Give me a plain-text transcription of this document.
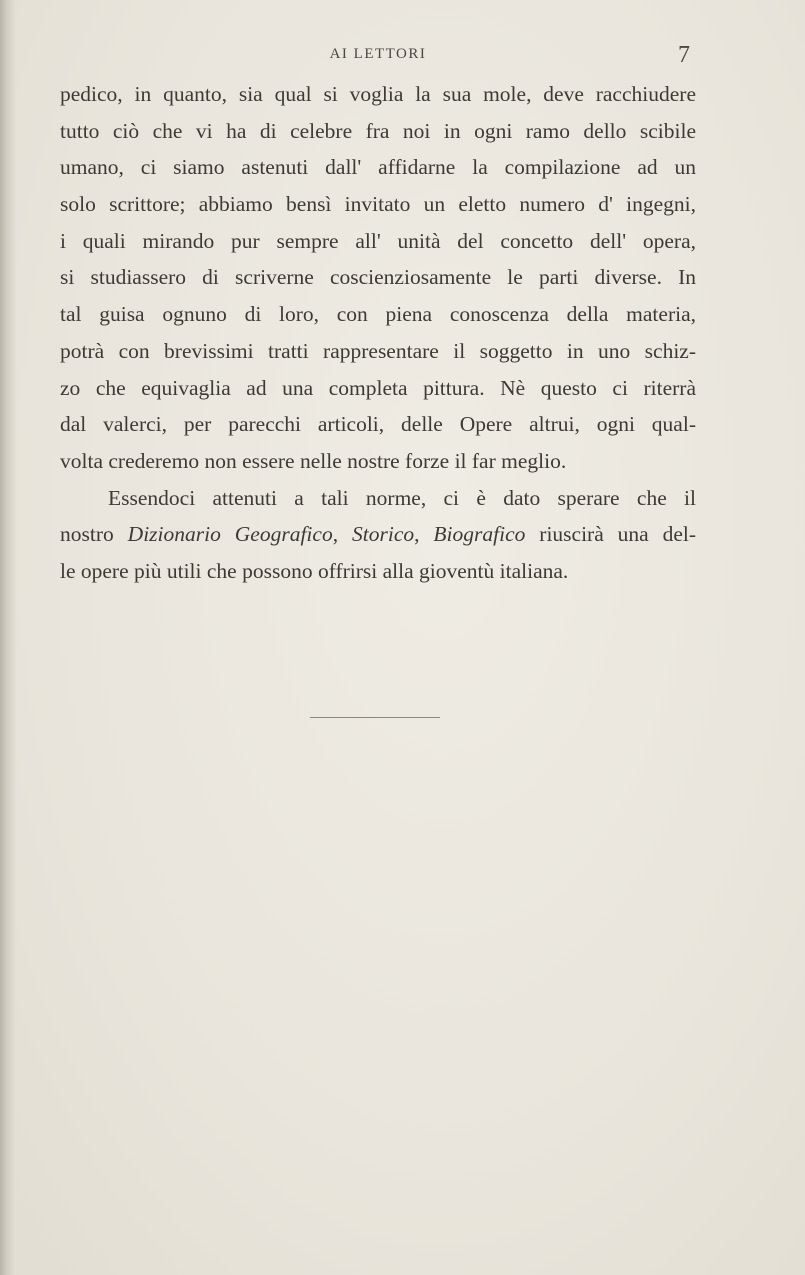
AI LETTORI	7
pedico, in quanto, sia qual si voglia la sua mole, deve racchiudere
tutto ciò che vi ha di celebre fra noi in ogni ramo dello scibile
umano, ci siamo astenuti dall' affidarne la compilazione ad un
solo scrittore; abbiamo bensì invitato un eletto numero d' ingegni,
i quali mirando pur sempre all' unità del concetto dell' opera,
si studiassero di scriverne coscienziosamente le parti diverse. In
tal guisa ognuno di loro, con piena conoscenza della materia,
potrà con brevissimi tratti rappresentare il soggetto in uno schiz-
zo che equivaglia ad una completa pittura. Nè questo ci riterrà
dal valerci, per parecchi articoli, delle Opere altrui, ogni qual-
volta crederemo non essere nelle nostre forze il far meglio.
Essendoci attenuti a tali norme, ci è dato sperare che il
nostro Dizionario Geografico, Storico, Biografico riuscirà una del-
le opere più utili che possono offrirsi alla gioventù italiana.
